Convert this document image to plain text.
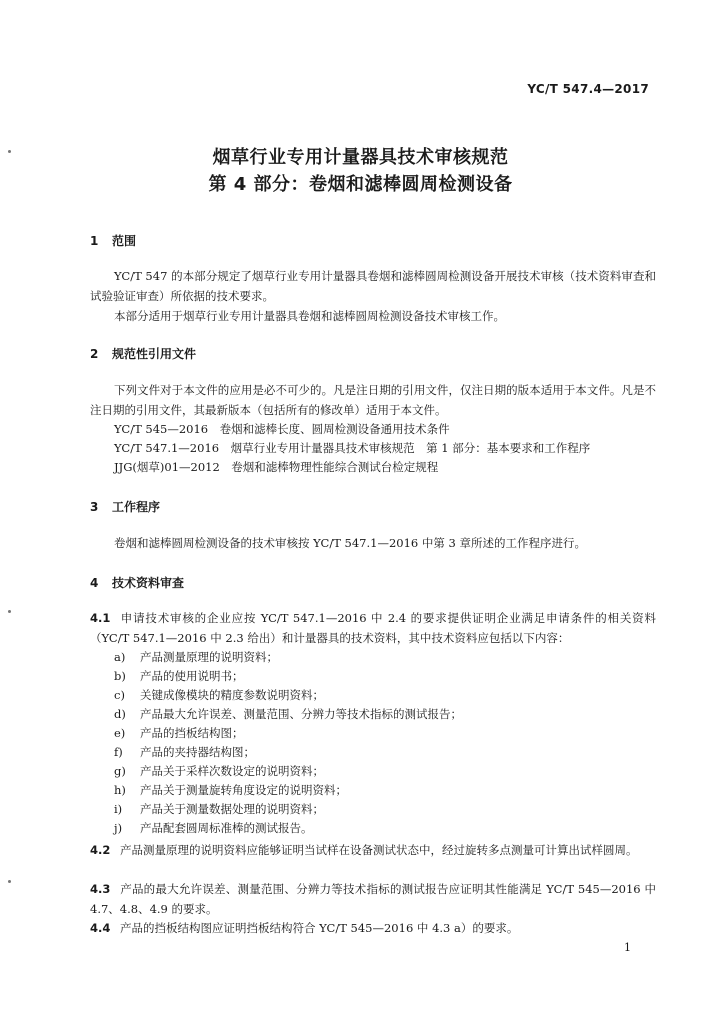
YC/T 547.4—2017
烟草行业专用计量器具技术审核规范
第 4 部分：卷烟和滤棒圆周检测设备
1 范围
YC/T 547 的本部分规定了烟草行业专用计量器具卷烟和滤棒圆周检测设备开展技术审核（技术资料审查和试验验证审查）所依据的技术要求。
本部分适用于烟草行业专用计量器具卷烟和滤棒圆周检测设备技术审核工作。
2 规范性引用文件
下列文件对于本文件的应用是必不可少的。凡是注日期的引用文件，仅注日期的版本适用于本文件。凡是不注日期的引用文件，其最新版本（包括所有的修改单）适用于本文件。
YC/T 545—2016　卷烟和滤棒长度、圆周检测设备通用技术条件
YC/T 547.1—2016　烟草行业专用计量器具技术审核规范　第 1 部分：基本要求和工作程序
JJG(烟草)01—2012　卷烟和滤棒物理性能综合测试台检定规程
3 工作程序
卷烟和滤棒圆周检测设备的技术审核按 YC/T 547.1—2016 中第 3 章所述的工作程序进行。
4 技术资料审查
4.1 申请技术审核的企业应按 YC/T 547.1—2016 中 2.4 的要求提供证明企业满足申请条件的相关资料（YC/T 547.1—2016 中 2.3 给出）和计量器具的技术资料，其中技术资料应包括以下内容：
a) 产品测量原理的说明资料；
b) 产品的使用说明书；
c) 关键成像模块的精度参数说明资料；
d) 产品最大允许误差、测量范围、分辨力等技术指标的测试报告；
e) 产品的挡板结构图；
f) 产品的夹持器结构图；
g) 产品关于采样次数设定的说明资料；
h) 产品关于测量旋转角度设定的说明资料；
i) 产品关于测量数据处理的说明资料；
j) 产品配套圆周标准棒的测试报告。
4.2 产品测量原理的说明资料应能够证明当试样在设备测试状态中，经过旋转多点测量可计算出试样圆周。
4.3 产品的最大允许误差、测量范围、分辨力等技术指标的测试报告应证明其性能满足 YC/T 545—2016 中 4.7、4.8、4.9 的要求。
4.4 产品的挡板结构图应证明挡板结构符合 YC/T 545—2016 中 4.3 a）的要求。
1
